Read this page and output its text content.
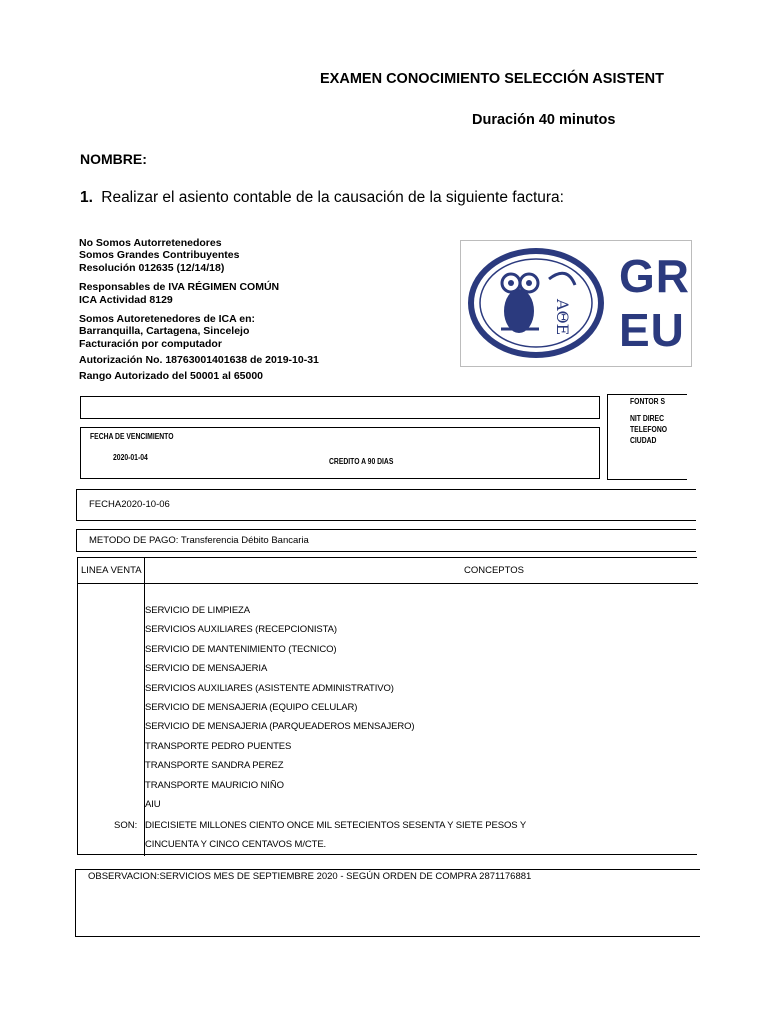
EXAMEN CONOCIMIENTO SELECCIÓN ASISTENT
Duración 40 minutos
NOMBRE:
1. Realizar el asiento contable de la causación de la siguiente factura:
No Somos Autorretenedores
Somos Grandes Contribuyentes
Resolución 012635 (12/14/18)
Responsables de IVA RÉGIMEN COMÚN
ICA Actividad 8129
Somos Autoretenedores de ICA en:
Barranquilla, Cartagena, Sincelejo
Facturación por computador
Autorización No. 18763001401638 de 2019-10-31
Rango Autorizado del 50001 al 65000
ΑΘΕ
GR
EU
FONTOR S
NIT DIREC
TELEFONO
CIUDAD
FECHA DE VENCIMIENTO
2020-01-04	CREDITO A 90 DIAS
FECHA2020-10-06
METODO DE PAGO: Transferencia Débito Bancaria
LINEA VENTA	CONCEPTOS
SERVICIO DE LIMPIEZA
SERVICIOS AUXILIARES (RECEPCIONISTA)
SERVICIO DE MANTENIMIENTO (TECNICO)
SERVICIO DE MENSAJERIA
SERVICIOS AUXILIARES (ASISTENTE ADMINISTRATIVO)
SERVICIO DE MENSAJERIA (EQUIPO CELULAR)
SERVICIO DE MENSAJERIA (PARQUEADEROS MENSAJERO)
TRANSPORTE PEDRO PUENTES
TRANSPORTE SANDRA PEREZ
TRANSPORTE MAURICIO NIÑO
AIU
SON: DIECISIETE MILLONES CIENTO ONCE MIL SETECIENTOS SESENTA Y SIETE PESOS Y
CINCUENTA Y CINCO CENTAVOS M/CTE.
OBSERVACION:SERVICIOS MES DE SEPTIEMBRE 2020 - SEGÚN ORDEN DE COMPRA 2871176881
